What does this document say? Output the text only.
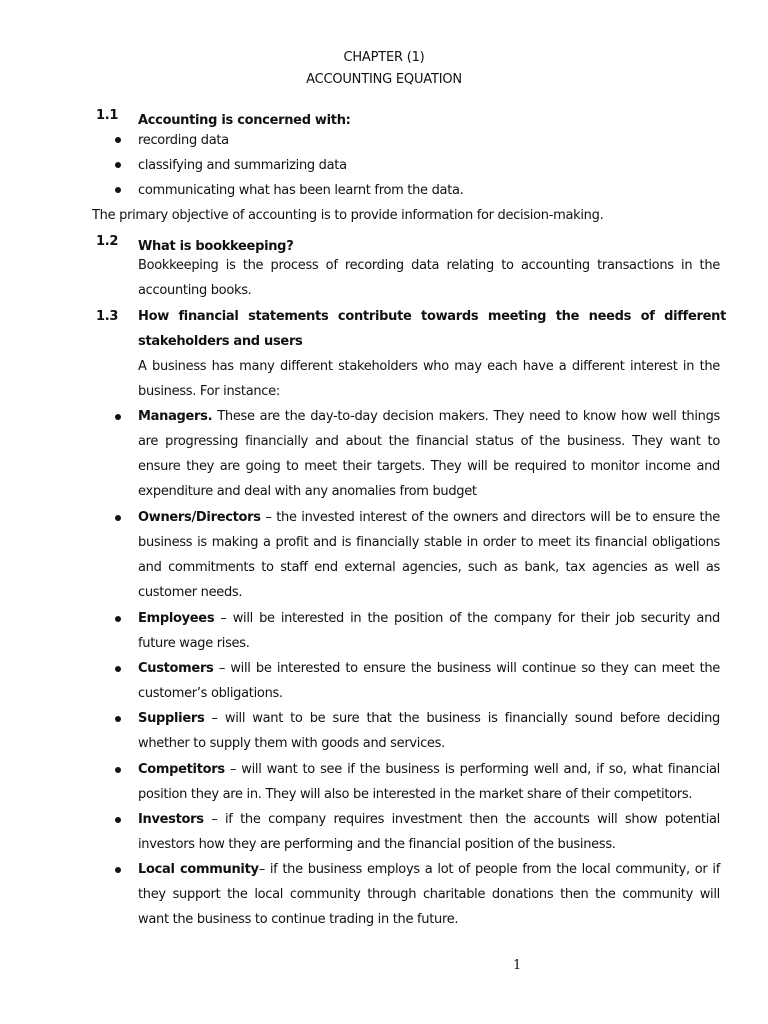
CHAPTER (1)
ACCOUNTING EQUATION
1.1 Accounting is concerned with:
recording data
classifying and summarizing data
communicating what has been learnt from the data.
The primary objective of accounting is to provide information for decision-making.
1.2 What is bookkeeping?
Bookkeeping is the process of recording data relating to accounting transactions in the accounting books.
1.3 How financial statements contribute towards meeting the needs of different stakeholders and users
A business has many different stakeholders who may each have a different interest in the business. For instance:
Managers. These are the day-to-day decision makers. They need to know how well things are progressing financially and about the financial status of the business. They want to ensure they are going to meet their targets. They will be required to monitor income and expenditure and deal with any anomalies from budget
Owners/Directors – the invested interest of the owners and directors will be to ensure the business is making a profit and is financially stable in order to meet its financial obligations and commitments to staff end external agencies, such as bank, tax agencies as well as customer needs.
Employees – will be interested in the position of the company for their job security and future wage rises.
Customers – will be interested to ensure the business will continue so they can meet the customer’s obligations.
Suppliers – will want to be sure that the business is financially sound before deciding whether to supply them with goods and services.
Competitors – will want to see if the business is performing well and, if so, what financial position they are in. They will also be interested in the market share of their competitors.
Investors – if the company requires investment then the accounts will show potential investors how they are performing and the financial position of the business.
Local community– if the business employs a lot of people from the local community, or if they support the local community through charitable donations then the community will want the business to continue trading in the future.
1
